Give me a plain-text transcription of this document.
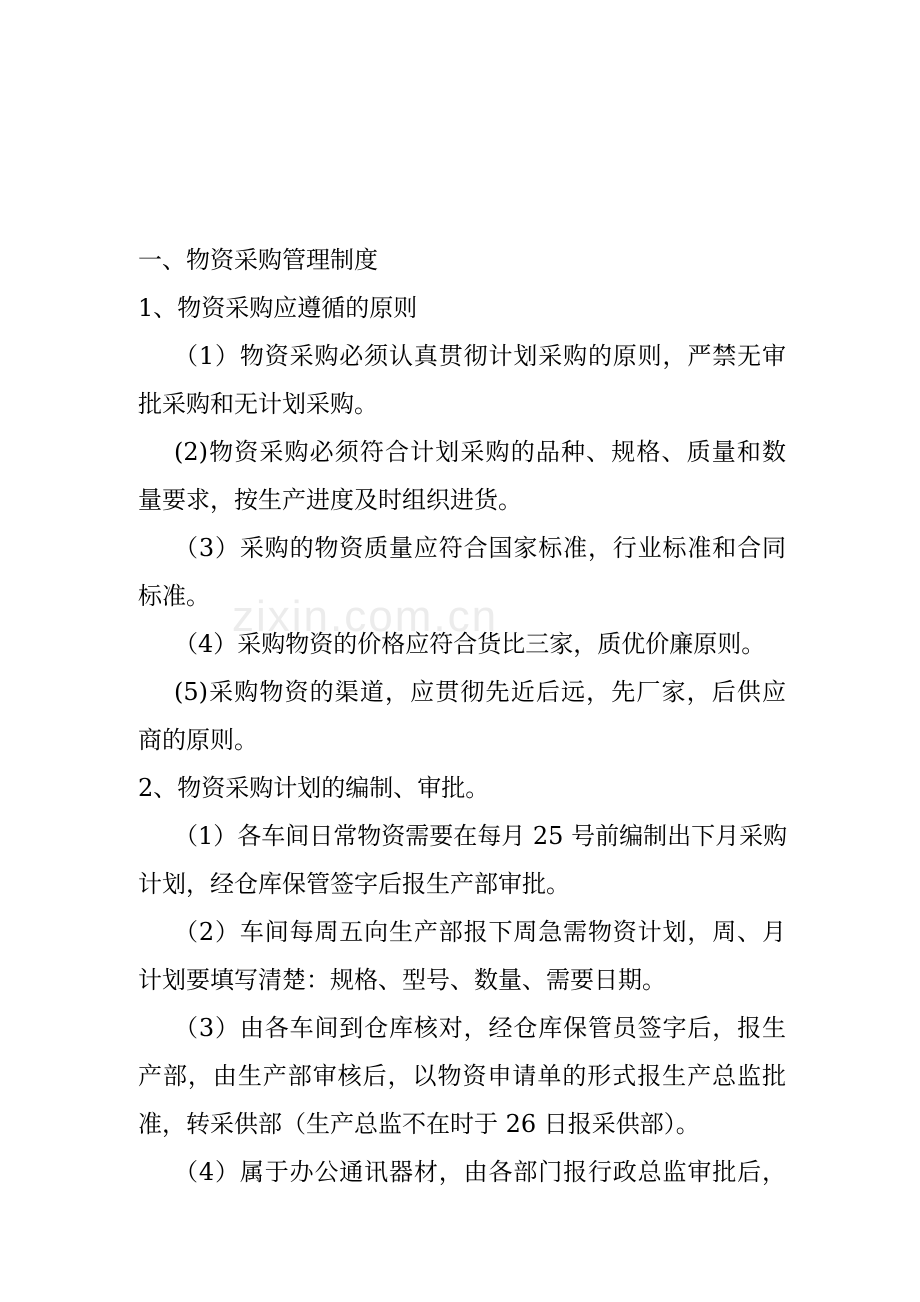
zixin.com.cn
一、物资采购管理制度
1、物资采购应遵循的原则
（1）物资采购必须认真贯彻计划采购的原则，严禁无审
批采购和无计划采购。
(2)物资采购必须符合计划采购的品种、规格、质量和数
量要求，按生产进度及时组织进货。
（3）采购的物资质量应符合国家标准，行业标准和合同
标准。
（4）采购物资的价格应符合货比三家，质优价廉原则。
(5)采购物资的渠道，应贯彻先近后远，先厂家，后供应
商的原则。
2、物资采购计划的编制、审批。
（1）各车间日常物资需要在每月 25 号前编制出下月采购
计划，经仓库保管签字后报生产部审批。
（2）车间每周五向生产部报下周急需物资计划，周、月
计划要填写清楚：规格、型号、数量、需要日期。
（3）由各车间到仓库核对，经仓库保管员签字后，报生
产部，由生产部审核后，以物资申请单的形式报生产总监批
准，转采供部（生产总监不在时于 26 日报采供部）。
（4）属于办公通讯器材，由各部门报行政总监审批后，
